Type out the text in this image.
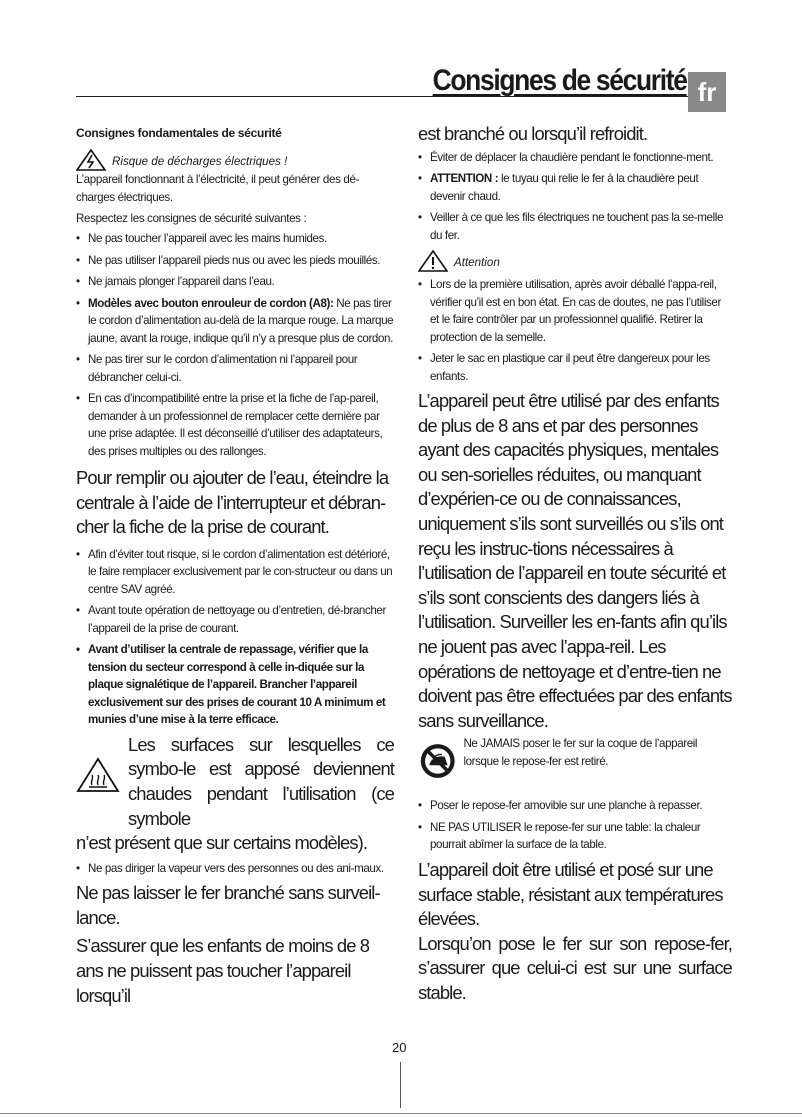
Consignes de sécurité fr

Consignes fondamentales de sécurité

Risque de décharges électriques !

L’appareil fonctionnant à l’électricité, il peut générer des dé-charges électriques.

Respectez les consignes de sécurité suivantes :

• Ne pas toucher l’appareil avec les mains humides.
• Ne pas utiliser l’appareil pieds nus ou avec les pieds mouillés.
• Ne jamais plonger l’appareil dans l’eau.
• Modèles avec bouton enrouleur de cordon (A8): Ne pas tirer le cordon d’alimentation au-delà de la marque rouge. La marque jaune, avant la rouge, indique qu’il n’y a presque plus de cordon.
• Ne pas tirer sur le cordon d’alimentation ni l’appareil pour débrancher celui-ci.
• En cas d’incompatibilité entre la prise et la fiche de l’ap-pareil, demander à un professionnel de remplacer cette dernière par une prise adaptée. Il est déconseillé d’utiliser des adaptateurs, des prises multiples ou des rallonges.

Pour remplir ou ajouter de l’eau, éteindre la centrale à l’aide de l’interrupteur et débran-cher la fiche de la prise de courant.

• Afin d’éviter tout risque, si le cordon d’alimentation est détérioré, le faire remplacer exclusivement par le con-structeur ou dans un centre SAV agréé.
• Avant toute opération de nettoyage ou d’entretien, dé-brancher l’appareil de la prise de courant.
• Avant d’utiliser la centrale de repassage, vérifier que la tension du secteur correspond à celle in-diquée sur la plaque signalétique de l’appareil. Brancher l’appareil exclusivement sur des prises de courant 10 A minimum et munies d’une mise à la terre efficace.

Les surfaces sur lesquelles ce symbo-le est apposé deviennent chaudes pendant l’utilisation (ce symbole

n’est présent que sur certains modèles).

• Ne pas diriger la vapeur vers des personnes ou des ani-maux.

Ne pas laisser le fer branché sans surveil-lance.

S’assurer que les enfants de moins de 8 ans ne puissent pas toucher l’appareil lorsqu’il

est branché ou lorsqu’il refroidit.

• Éviter de déplacer la chaudière pendant le fonctionne-ment.
• ATTENTION : le tuyau qui relie le fer à la chaudière peut devenir chaud.
• Veiller à ce que les fils électriques ne touchent pas la se-melle du fer.
Attention
• Lors de la première utilisation, après avoir déballé l’appa-reil, vérifier qu’il est en bon état. En cas de doutes, ne pas l’utiliser et le faire contrôler par un professionnel qualifié. Retirer la protection de la semelle.
• Jeter le sac en plastique car il peut être dangereux pour les enfants.

L’appareil peut être utilisé par des enfants de plus de 8 ans et par des personnes ayant des capacités physiques, mentales ou sen-sorielles réduites, ou manquant d’expérien-ce ou de connaissances, uniquement s’ils sont surveillés ou s’ils ont reçu les instruc-tions nécessaires à l’utilisation de l’appareil en toute sécurité et s’ils sont conscients des dangers liés à l’utilisation. Surveiller les en-fants afin qu’ils ne jouent pas avec l’appa-reil. Les opérations de nettoyage et d’entre-tien ne doivent pas être effectuées par des enfants sans surveillance.

Ne JAMAIS poser le fer sur la coque de l’appareil lorsque le repose-fer est retiré.

• Poser le repose-fer amovible sur une planche à repasser.
• NE PAS UTILISER le repose-fer sur une table: la chaleur pourrait abîmer la surface de la table.

L’appareil doit être utilisé et posé sur une surface stable, résistant aux températures élevées.

Lorsqu’on pose le fer sur son repose-fer, s’assurer que celui-ci est sur une surface stable.

20
